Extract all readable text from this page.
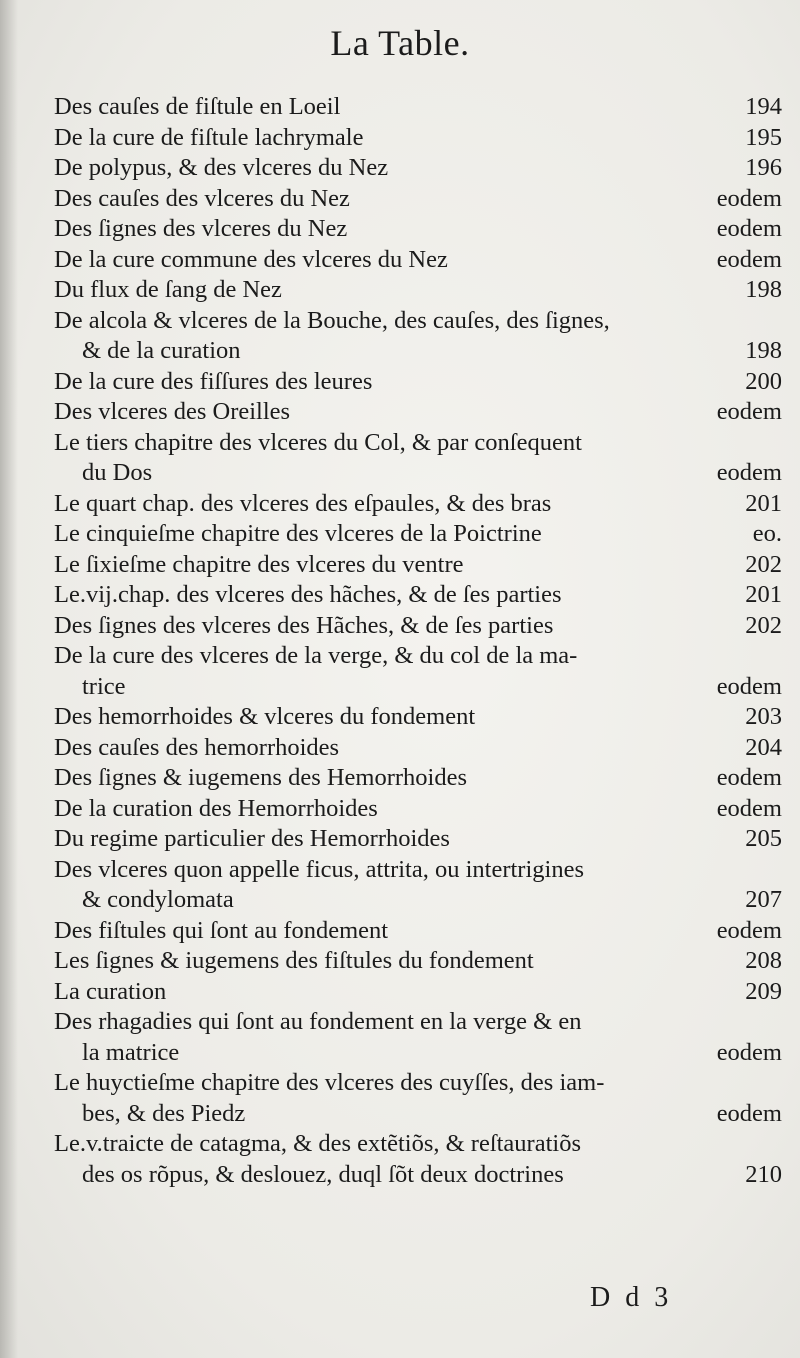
La Table.
Des cauſes de fiſtule en Loeil	194
De la cure de fiſtule lachrymale	195
De polypus, & des vlceres du Nez	196
Des cauſes des vlceres du Nez	eodem
Des ſignes des vlceres du Nez	eodem
De la cure commune des vlceres du Nez	eodem
Du flux de ſang de Nez	198
De alcola & vlceres de la Bouche, des cauſes, des ſignes,
& de la curation	198
De la cure des fiſſures des leures	200
Des vlceres des Oreilles	eodem
Le tiers chapitre des vlceres du Col, & par conſequent
du Dos	eodem
Le quart chap. des vlceres des eſpaules, & des bras	201
Le cinquieſme chapitre des vlceres de la Poictrine	eo.
Le ſixieſme chapitre des vlceres du ventre	202
Le.vij.chap. des vlceres des hãches, & de ſes parties	201
Des ſignes des vlceres des Hãches, & de ſes parties	202
De la cure des vlceres de la verge, & du col de la ma-
trice	eodem
Des hemorrhoides & vlceres du fondement	203
Des cauſes des hemorrhoides	204
Des ſignes & iugemens des Hemorrhoides	eodem
De la curation des Hemorrhoides	eodem
Du regime particulier des Hemorrhoides	205
Des vlceres quon appelle ficus, attrita, ou intertrigines
& condylomata	207
Des fiſtules qui ſont au fondement	eodem
Les ſignes & iugemens des fiſtules du fondement	208
La curation	209
Des rhagadies qui ſont au fondement en la verge & en
la matrice	eodem
Le huyctieſme chapitre des vlceres des cuyſſes, des iam-
bes, & des Piedz	eodem
Le.v.traicte de catagma, & des extẽtiõs, & reſtauratiõs
des os rõpus, & deslouez, duql ſõt deux doctrines	210
D d 3
